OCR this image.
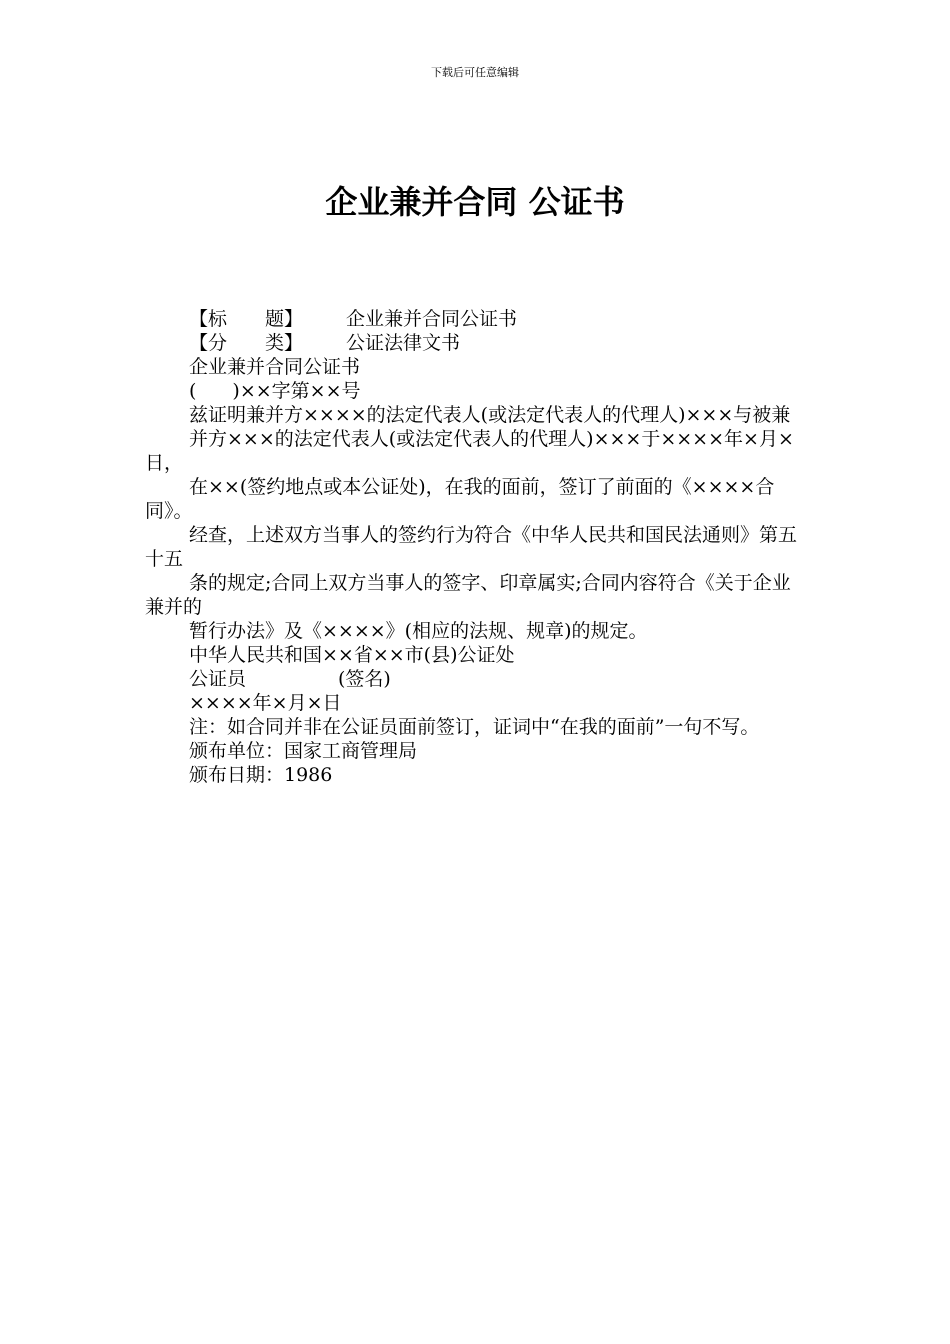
下载后可任意编辑
企业兼并合同 公证书
【标 题】 企业兼并合同公证书
【分 类】 公证法律文书
企业兼并合同公证书
( )××字第××号
兹证明兼并方××××的法定代表人(或法定代表人的代理人)×××与被兼
并方×××的法定代表人(或法定代表人的代理人)×××于××××年×月×日，
在××(签约地点或本公证处)，在我的面前，签订了前面的《××××合同》。
经查，上述双方当事人的签约行为符合《中华人民共和国民法通则》第五十五
条的规定;合同上双方当事人的签字、印章属实;合同内容符合《关于企业兼并的
暂行办法》及《××××》(相应的法规、规章)的规定。
中华人民共和国××省××市(县)公证处
公证员	(签名)
××××年×月×日
注：如合同并非在公证员面前签订，证词中“在我的面前”一句不写。
颁布单位：国家工商管理局
颁布日期：1986
